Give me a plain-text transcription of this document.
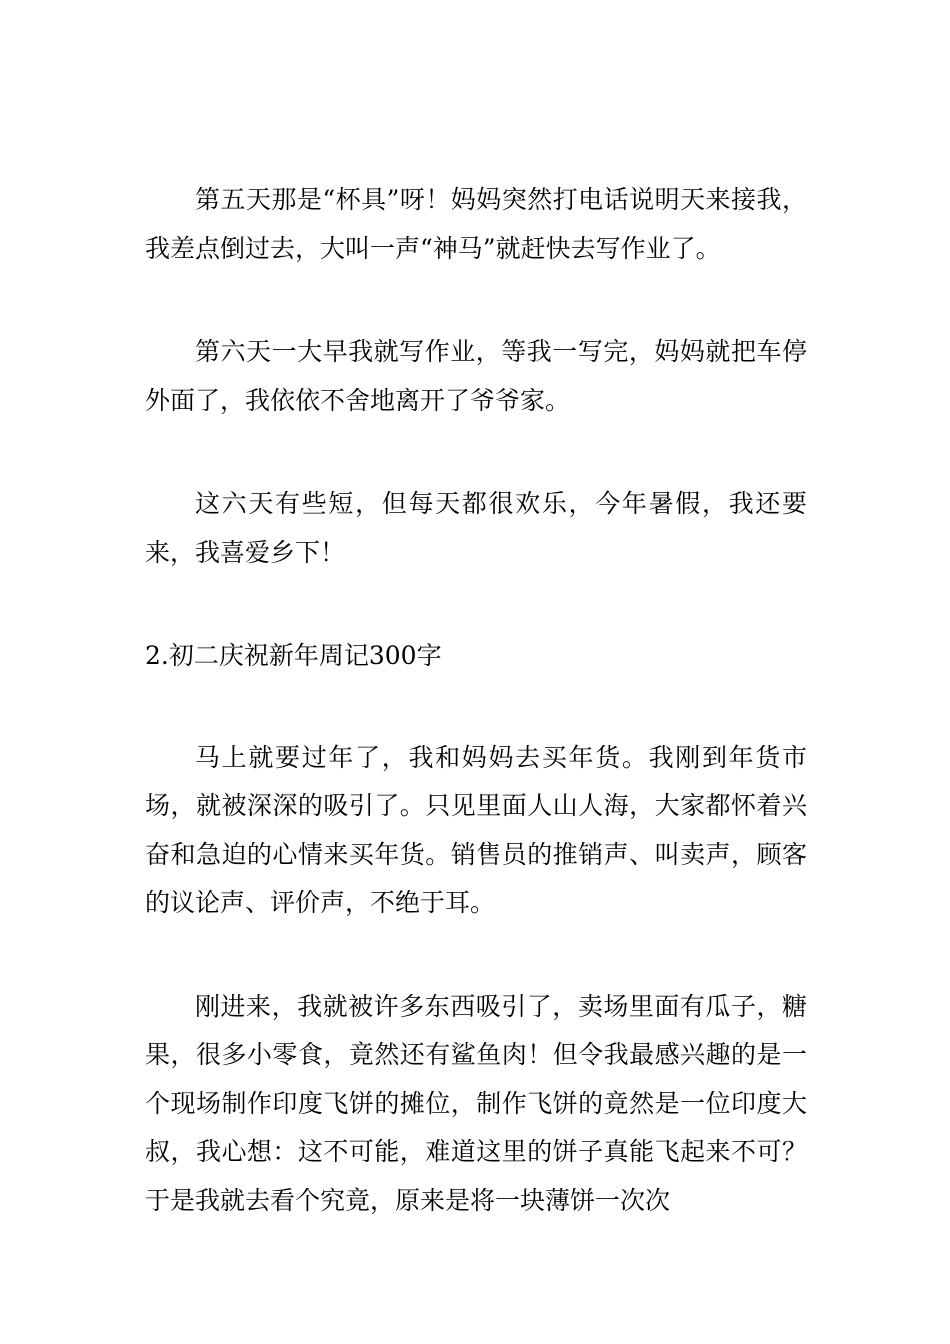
第五天那是“杯具”呀！妈妈突然打电话说明天来接我，我差点倒过去，大叫一声“神马”就赶快去写作业了。

第六天一大早我就写作业，等我一写完，妈妈就把车停外面了，我依依不舍地离开了爷爷家。

这六天有些短，但每天都很欢乐，今年暑假，我还要来，我喜爱乡下！

2.初二庆祝新年周记300字

马上就要过年了，我和妈妈去买年货。我刚到年货市场，就被深深的吸引了。只见里面人山人海，大家都怀着兴奋和急迫的心情来买年货。销售员的推销声、叫卖声，顾客的议论声、评价声，不绝于耳。

刚进来，我就被许多东西吸引了，卖场里面有瓜子，糖果，很多小零食，竟然还有鲨鱼肉！但令我最感兴趣的是一个现场制作印度飞饼的摊位，制作飞饼的竟然是一位印度大叔，我心想：这不可能，难道这里的饼子真能飞起来不可？于是我就去看个究竟，原来是将一块薄饼一次次
